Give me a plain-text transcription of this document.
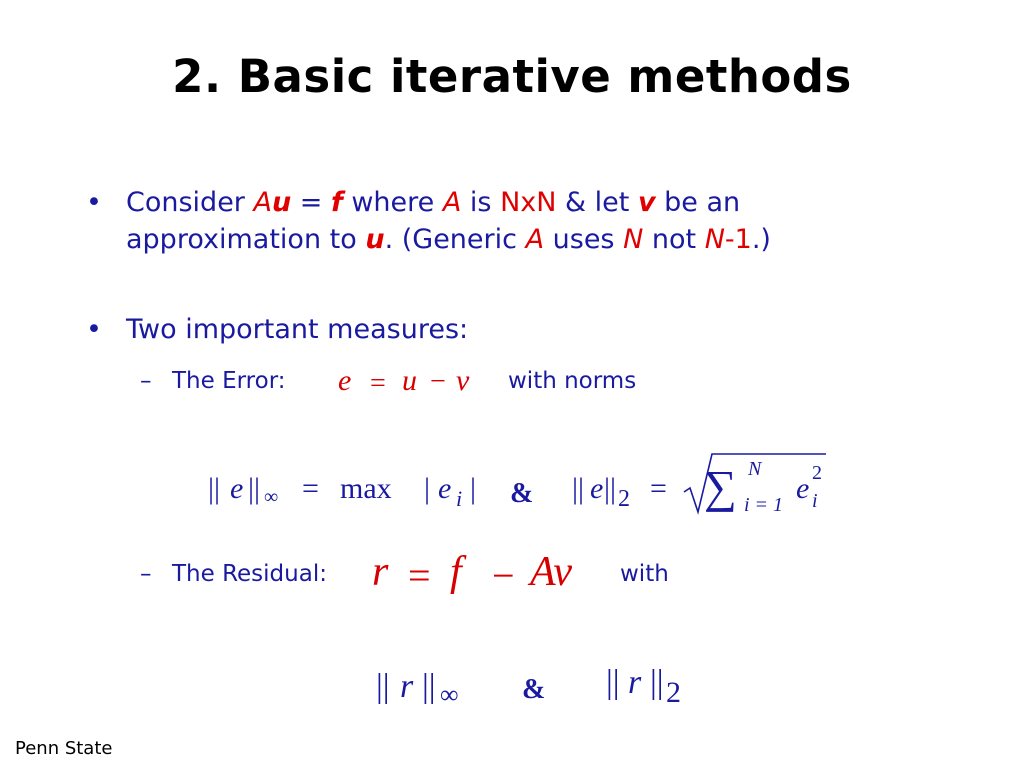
2. Basic iterative methods
• Consider Au = f where A is NxN & let v be an
approximation to u. (Generic A uses N not N-1.)
• Two important measures:
– The Error: e = u − v with norms
|| e || ∞ = max | e i | & || e || 2 = ∑ N
i = 1 e 2
i
– The Residual: r = f − Av with
|| r || ∞ & || r || 2
Penn State
